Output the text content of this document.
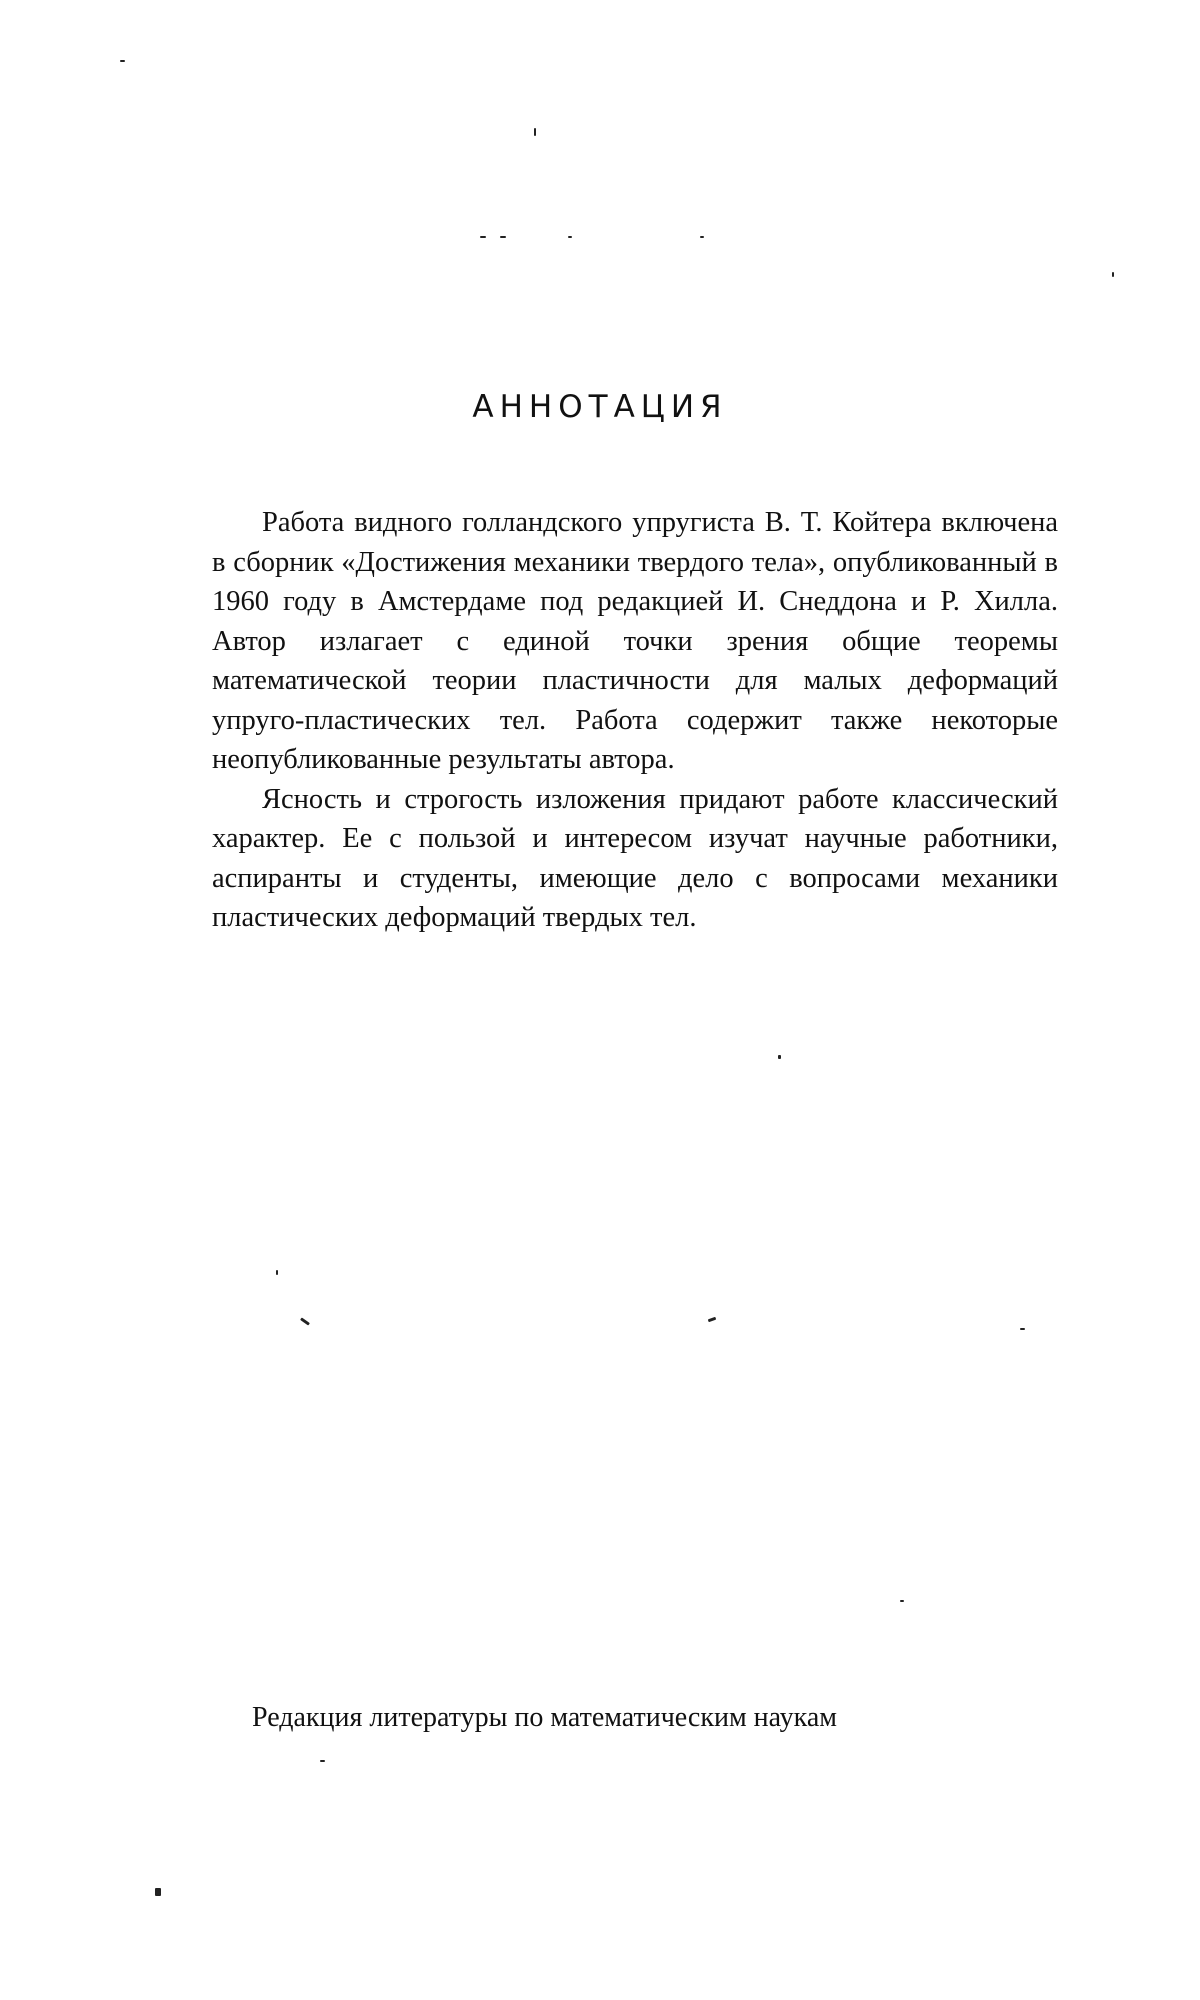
АННОТАЦИЯ

Работа видного голландского упругиста В. Т. Койтера включена в сборник «Достижения механики твердого тела», опубликованный в 1960 году в Амстердаме под редакцией И. Снеддона и Р. Хилла. Автор излагает с единой точки зрения общие теоремы математической теории пластичности для малых деформаций упруго-пластических тел. Работа содержит также некоторые неопубликованные результаты автора.

Ясность и строгость изложения придают работе классический характер. Ее с пользой и интересом изучат научные работники, аспиранты и студенты, имеющие дело с вопросами механики пластических деформаций твердых тел.

Редакция литературы по математическим наукам
